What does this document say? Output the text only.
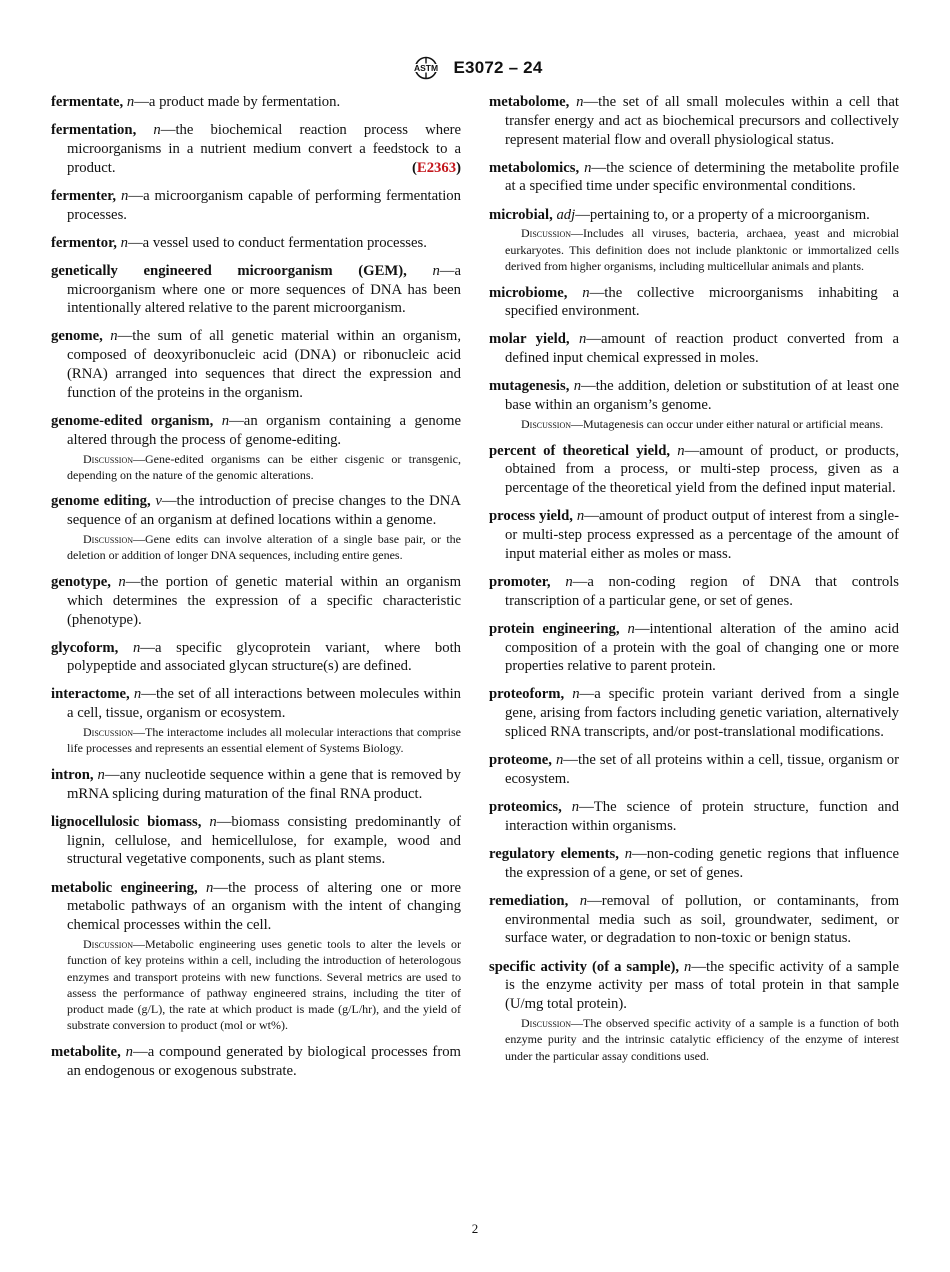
ASTM E3072 – 24
fermentate, n—a product made by fermentation.
fermentation, n—the biochemical reaction process where microorganisms in a nutrient medium convert a feedstock to a product.	(E2363)
fermenter, n—a microorganism capable of performing fermentation processes.
fermentor, n—a vessel used to conduct fermentation processes.
genetically engineered microorganism (GEM), n—a microorganism where one or more sequences of DNA has been intentionally altered relative to the parent microorganism.
genome, n—the sum of all genetic material within an organism, composed of deoxyribonucleic acid (DNA) or ribonucleic acid (RNA) arranged into sequences that direct the expression and function of the proteins in the organism.
genome-edited organism, n—an organism containing a genome altered through the process of genome-editing.
Discussion—Gene-edited organisms can be either cisgenic or transgenic, depending on the nature of the genomic alterations.
genome editing, v—the introduction of precise changes to the DNA sequence of an organism at defined locations within a genome.
Discussion—Gene edits can involve alteration of a single base pair, or the deletion or addition of longer DNA sequences, including entire genes.
genotype, n—the portion of genetic material within an organism which determines the expression of a specific characteristic (phenotype).
glycoform, n—a specific glycoprotein variant, where both polypeptide and associated glycan structure(s) are defined.
interactome, n—the set of all interactions between molecules within a cell, tissue, organism or ecosystem.
Discussion—The interactome includes all molecular interactions that comprise life processes and represents an essential element of Systems Biology.
intron, n—any nucleotide sequence within a gene that is removed by mRNA splicing during maturation of the final RNA product.
lignocellulosic biomass, n—biomass consisting predominantly of lignin, cellulose, and hemicellulose, for example, wood and structural vegetative components, such as plant stems.
metabolic engineering, n—the process of altering one or more metabolic pathways of an organism with the intent of changing chemical processes within the cell.
Discussion—Metabolic engineering uses genetic tools to alter the levels or function of key proteins within a cell, including the introduction of heterologous enzymes and transport proteins with new functions. Several metrics are used to assess the performance of pathway engineered strains, including the titer of product made (g/L), the rate at which product is made (g/L/hr), and the yield of substrate conversion to product (mol or wt%).
metabolite, n—a compound generated by biological processes from an endogenous or exogenous substrate.
metabolome, n—the set of all small molecules within a cell that transfer energy and act as biochemical precursors and collectively represent material flow and overall physiological status.
metabolomics, n—the science of determining the metabolite profile at a specified time under specific environmental conditions.
microbial, adj—pertaining to, or a property of a microorganism.
Discussion—Includes all viruses, bacteria, archaea, yeast and microbial eurkaryotes. This definition does not include planktonic or immortalized cells derived from higher organisms, including multicellular animals and plants.
microbiome, n—the collective microorganisms inhabiting a specified environment.
molar yield, n—amount of reaction product converted from a defined input chemical expressed in moles.
mutagenesis, n—the addition, deletion or substitution of at least one base within an organism’s genome.
Discussion—Mutagenesis can occur under either natural or artificial means.
percent of theoretical yield, n—amount of product, or products, obtained from a process, or multi-step process, given as a percentage of the theoretical yield from the defined input material.
process yield, n—amount of product output of interest from a single- or multi-step process expressed as a percentage of the amount of input material either as moles or mass.
promoter, n—a non-coding region of DNA that controls transcription of a particular gene, or set of genes.
protein engineering, n—intentional alteration of the amino acid composition of a protein with the goal of changing one or more properties relative to parent protein.
proteoform, n—a specific protein variant derived from a single gene, arising from factors including genetic variation, alternatively spliced RNA transcripts, and/or post-translational modifications.
proteome, n—the set of all proteins within a cell, tissue, organism or ecosystem.
proteomics, n—The science of protein structure, function and interaction within organisms.
regulatory elements, n—non-coding genetic regions that influence the expression of a gene, or set of genes.
remediation, n—removal of pollution, or contaminants, from environmental media such as soil, groundwater, sediment, or surface water, or degradation to non-toxic or benign status.
specific activity (of a sample), n—the specific activity of a sample is the enzyme activity per mass of total protein in that sample (U/mg total protein).
Discussion—The observed specific activity of a sample is a function of both enzyme purity and the intrinsic catalytic efficiency of the enzyme of interest under the particular assay conditions used.
2
